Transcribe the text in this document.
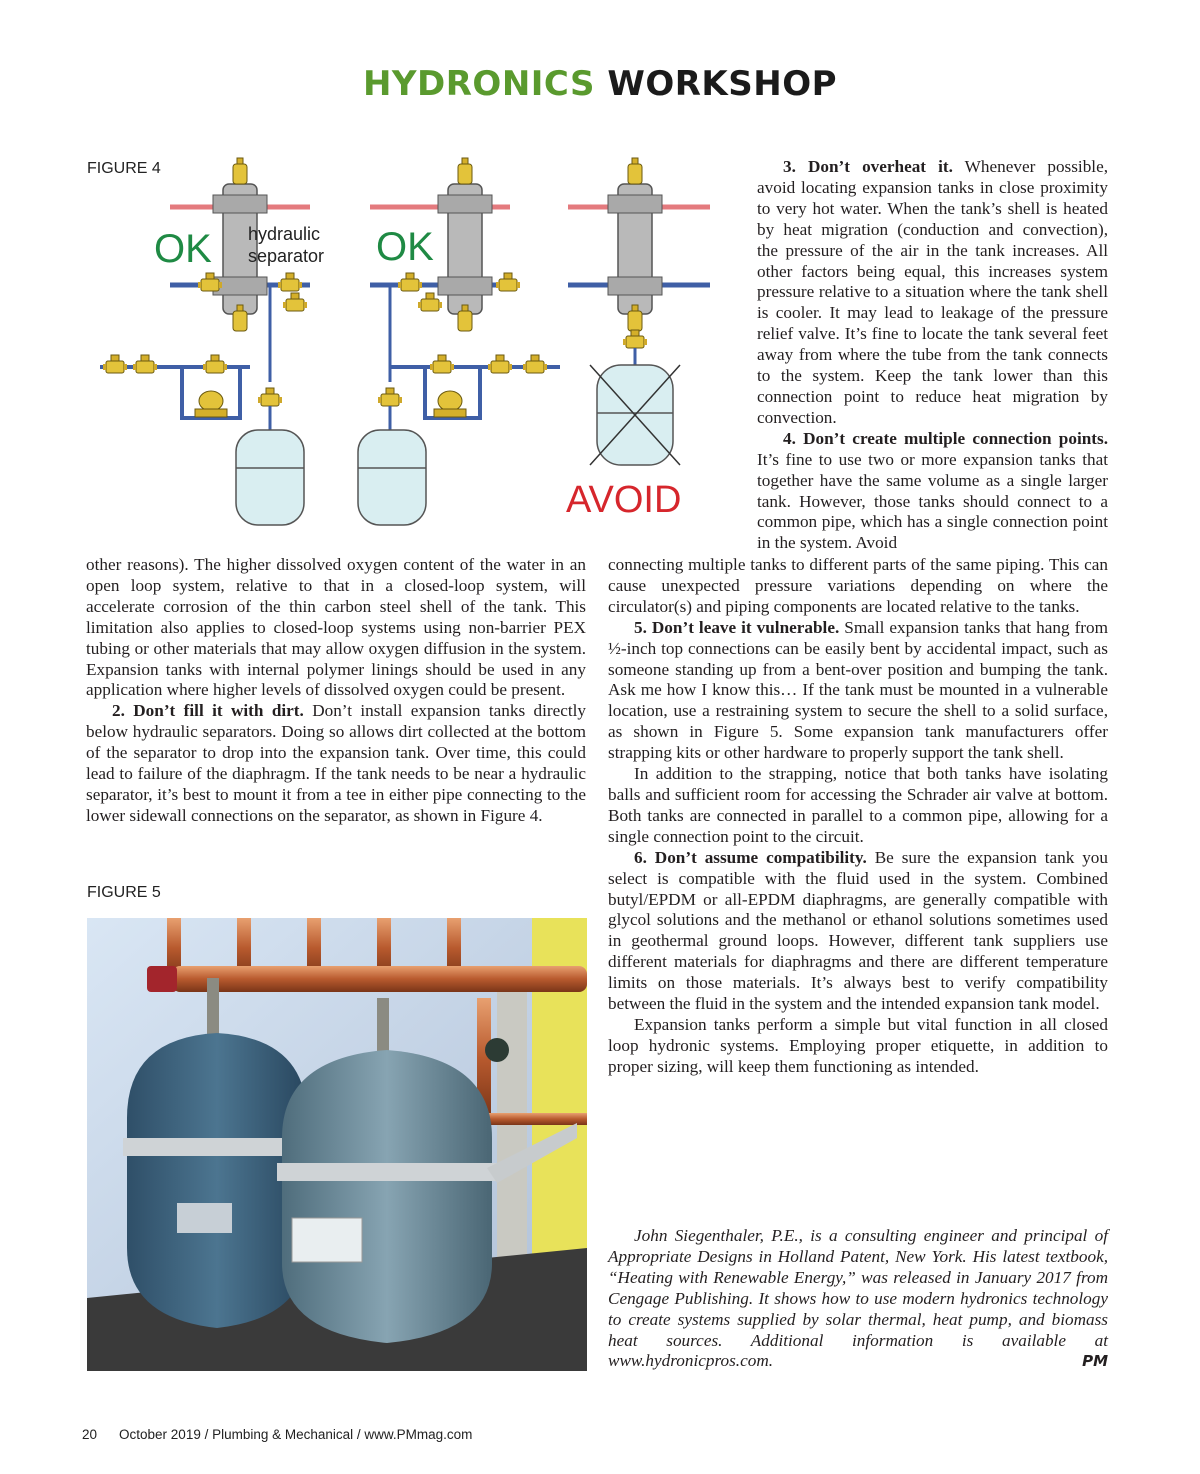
HYDRONICS WORKSHOP
FIGURE 4
OK hydraulic
separator OK
AVOID

3. Don’t overheat it. Whenever possible, avoid locating expansion tanks in close proximity to very hot water. When the tank’s shell is heated by heat migration (conduction and convection), the pressure of the air in the tank increases. All other factors being equal, this increases system pressure relative to a situation where the tank shell is cooler. It may lead to leakage of the pressure relief valve. It’s fine to locate the tank several feet away from where the tube from the tank connects to the system. Keep the tank lower than this connection point to reduce heat migration by convection.

4. Don’t create multiple connection points. It’s fine to use two or more expansion tanks that together have the same volume as a single larger tank. However, those tanks should connect to a common pipe, which has a single connection point in the system. Avoid

other reasons). The higher dissolved oxygen content of the water in an open loop system, relative to that in a closed-loop system, will accelerate corrosion of the thin carbon steel shell of the tank. This limitation also applies to closed-loop systems using non-barrier PEX tubing or other materials that may allow oxygen diffusion in the system. Expansion tanks with internal polymer linings should be used in any application where higher levels of dissolved oxygen could be present.

2. Don’t fill it with dirt. Don’t install expansion tanks directly below hydraulic separators. Doing so allows dirt collected at the bottom of the separator to drop into the expansion tank. Over time, this could lead to failure of the diaphragm. If the tank needs to be near a hydraulic separator, it’s best to mount it from a tee in either pipe connecting to the lower sidewall connections on the separator, as shown in Figure 4.

FIGURE 5

connecting multiple tanks to different parts of the same piping. This can cause unexpected pressure variations depending on where the circulator(s) and piping components are located relative to the tanks.

5. Don’t leave it vulnerable. Small expansion tanks that hang from ½-inch top connections can be easily bent by accidental impact, such as someone standing up from a bent-over position and bumping the tank. Ask me how I know this… If the tank must be mounted in a vulnerable location, use a restraining system to secure the shell to a solid surface, as shown in Figure 5. Some expansion tank manufacturers offer strapping kits or other hardware to properly support the tank shell.

In addition to the strapping, notice that both tanks have isolating balls and sufficient room for accessing the Schrader air valve at bottom. Both tanks are connected in parallel to a common pipe, allowing for a single connection point to the circuit.

6. Don’t assume compatibility. Be sure the expansion tank you select is compatible with the fluid used in the system. Combined butyl/EPDM or all-EPDM diaphragms, are generally compatible with glycol solutions and the methanol or ethanol solutions sometimes used in geothermal ground loops. However, different tank suppliers use different materials for diaphragms and there are different temperature limits on those materials. It’s always best to verify compatibility between the fluid in the system and the intended expansion tank model.

Expansion tanks perform a simple but vital function in all closed loop hydronic systems. Employing proper etiquette, in addition to proper sizing, will keep them functioning as intended.

John Siegenthaler, P.E., is a consulting engineer and principal of Appropriate Designs in Holland Patent, New York. His latest textbook, “Heating with Renewable Energy,” was released in January 2017 from Cengage Publishing. It shows how to use modern hydronics technology to create systems supplied by solar thermal, heat pump, and biomass heat sources. Additional information is available at www.hydronicpros.com.	PM
20 October 2019 / Plumbing & Mechanical / www.PMmag.com
